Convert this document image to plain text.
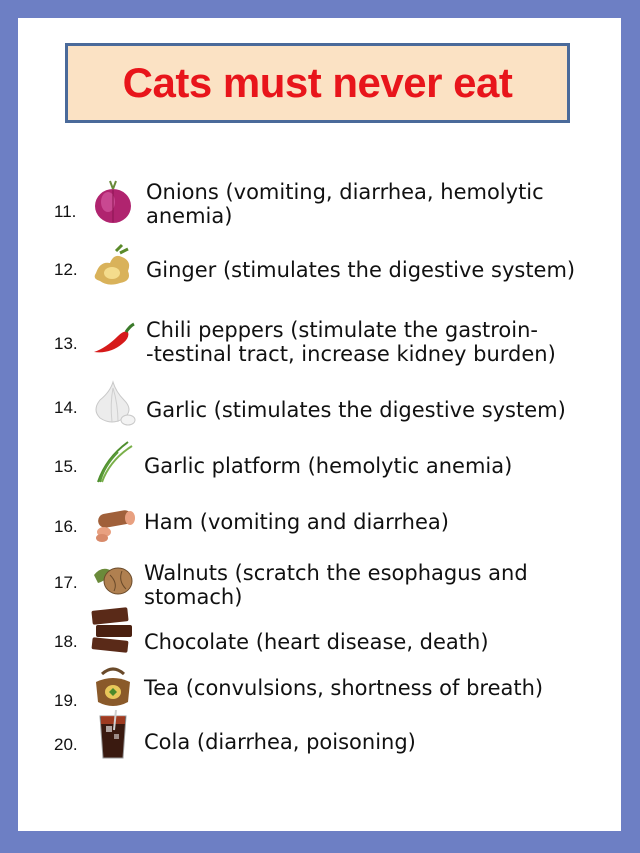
Cats must never eat
11.
Onions (vomiting, diarrhea, hemolytic
anemia)
12.	Ginger (stimulates the digestive system)
13.
Chili peppers (stimulate the gastroin-
-testinal tract, increase kidney burden)
14.	Garlic (stimulates the digestive system)
15.	Garlic platform (hemolytic anemia)
16.	Ham (vomiting and diarrhea)
17.	Walnuts (scratch the esophagus and
stomach)
18.	Chocolate (heart disease, death)
19.
Tea (convulsions, shortness of breath)
20.	Cola (diarrhea, poisoning)
